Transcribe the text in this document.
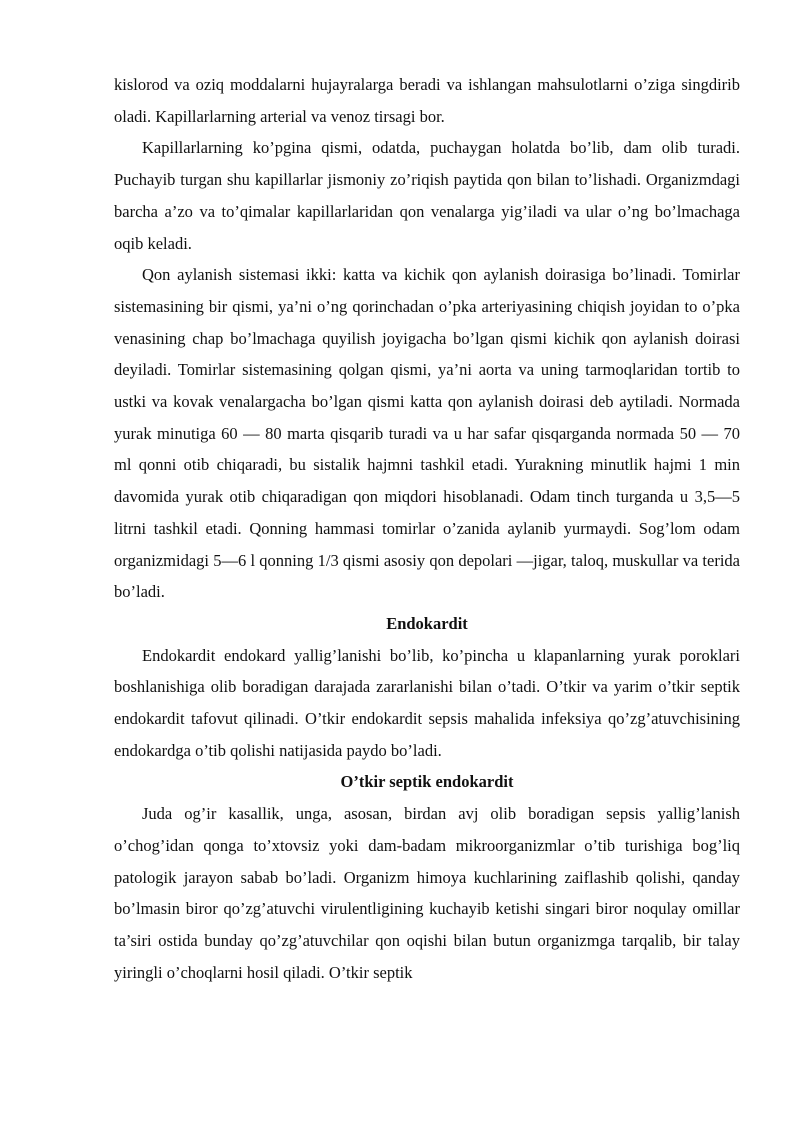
kislorod va oziq moddalarni hujayralarga beradi va ishlangan mahsulotlarni o’ziga singdirib oladi. Kapillarlarning arterial va venoz tirsagi bor.

Kapillarlarning ko’pgina qismi, odatda, puchaygan holatda bo’lib, dam olib turadi. Puchayib turgan shu kapillarlar jismoniy zo’riqish paytida qon bilan to’lishadi. Organizmdagi barcha a’zo va to’qimalar kapillarlaridan qon venalarga yig’iladi va ular o’ng bo’lmachaga oqib keladi.

Qon aylanish sistemasi ikki: katta va kichik qon aylanish doirasiga bo’linadi. Tomirlar sistemasining bir qismi, ya’ni o’ng qorinchadan o’pka arteriyasining chiqish joyidan to o’pka venasining chap bo’lmachaga quyilish joyigacha bo’lgan qismi kichik qon aylanish doirasi deyiladi. Tomirlar sistemasining qolgan qismi, ya’ni aorta va uning tarmoqlaridan tortib to ustki va kovak venalargacha bo’lgan qismi katta qon aylanish doirasi deb aytiladi. Normada yurak minutiga 60 — 80 marta qisqarib turadi va u har safar qisqarganda normada 50 — 70 ml qonni otib chiqaradi, bu sistalik hajmni tashkil etadi. Yurakning minutlik hajmi 1 min davomida yurak otib chiqaradigan qon miqdori hisoblanadi. Odam tinch turganda u 3,5—5 litrni tashkil etadi. Qonning hammasi tomirlar o’zanida aylanib yurmaydi. Sog’lom odam organizmidagi 5—6 l qonning 1/3 qismi asosiy qon depolari —jigar, taloq, muskullar va terida bo’ladi.

Endokardit

Endokardit endokard yallig’lanishi bo’lib, ko’pincha u klapanlarning yurak poroklari boshlanishiga olib boradigan darajada zararlanishi bilan o’tadi. O’tkir va yarim o’tkir septik endokardit tafovut qilinadi. O’tkir endokardit sepsis mahalida infeksiya qo’zg’atuvchisining endokardga o’tib qolishi natijasida paydo bo’ladi.

O’tkir septik endokardit

Juda og’ir kasallik, unga, asosan, birdan avj olib boradigan sepsis yallig’lanish o’chog’idan qonga to’xtovsiz yoki dam-badam mikroorganizmlar o’tib turishiga bog’liq patologik jarayon sabab bo’ladi. Organizm himoya kuchlarining zaiflashib qolishi, qanday bo’lmasin biror qo’zg’atuvchi virulentligining kuchayib ketishi singari biror noqulay omillar ta’siri ostida bunday qo’zg’atuvchilar qon oqishi bilan butun organizmga tarqalib, bir talay yiringli o’choqlarni hosil qiladi. O’tkir septik
